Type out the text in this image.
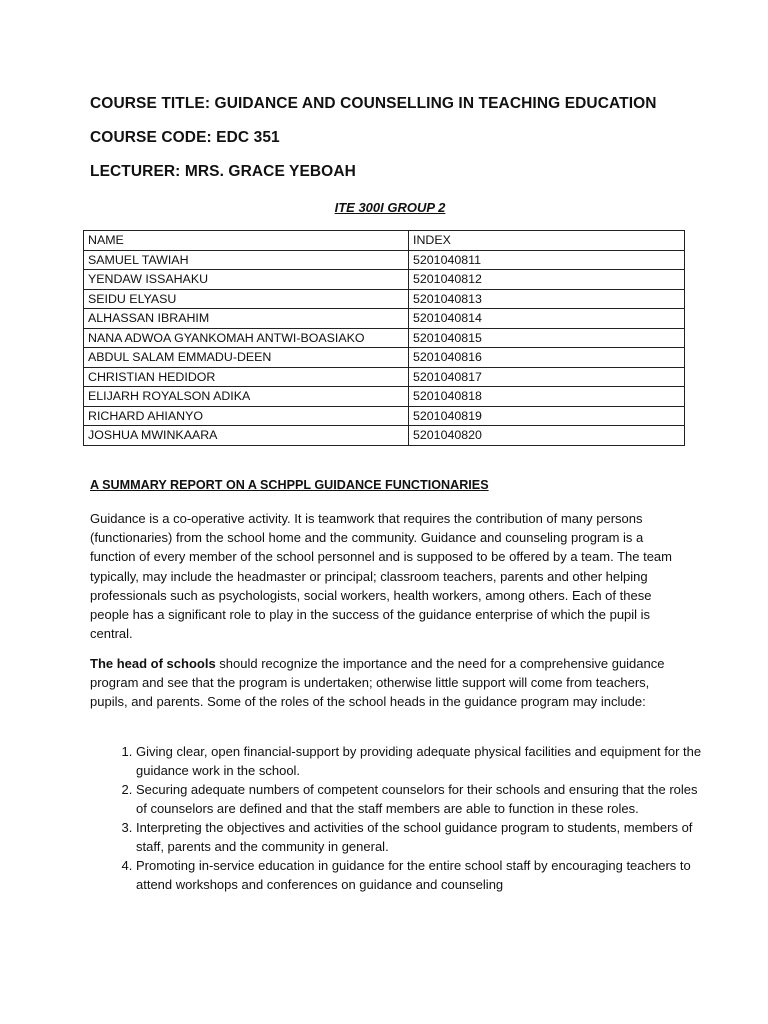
COURSE TITLE: GUIDANCE AND COUNSELLING IN TEACHING EDUCATION
COURSE CODE: EDC 351
LECTURER: MRS. GRACE YEBOAH
ITE 300I GROUP 2
NAME	INDEX
SAMUEL TAWIAH	5201040811
YENDAW ISSAHAKU	5201040812
SEIDU ELYASU	5201040813
ALHASSAN IBRAHIM	5201040814
NANA ADWOA GYANKOMAH ANTWI-BOASIAKO	5201040815
ABDUL SALAM EMMADU-DEEN	5201040816
CHRISTIAN HEDIDOR	5201040817
ELIJARH ROYALSON ADIKA	5201040818
RICHARD AHIANYO	5201040819
JOSHUA MWINKAARA	5201040820
A SUMMARY REPORT ON A SCHPPL GUIDANCE FUNCTIONARIES

Guidance is a co-operative activity. It is teamwork that requires the contribution of many persons (functionaries) from the school home and the community. Guidance and counseling program is a function of every member of the school personnel and is supposed to be offered by a team. The team typically, may include the headmaster or principal; classroom teachers, parents and other helping professionals such as psychologists, social workers, health workers, among others. Each of these people has a significant role to play in the success of the guidance enterprise of which the pupil is central.

The head of schools should recognize the importance and the need for a comprehensive guidance program and see that the program is undertaken; otherwise little support will come from teachers, pupils, and parents. Some of the roles of the school heads in the guidance program may include:

1. Giving clear, open financial-support by providing adequate physical facilities and equipment for the guidance work in the school.
2. Securing adequate numbers of competent counselors for their schools and ensuring that the roles of counselors are defined and that the staff members are able to function in these roles.
3. Interpreting the objectives and activities of the school guidance program to students, members of staff, parents and the community in general.
4. Promoting in-service education in guidance for the entire school staff by encouraging teachers to attend workshops and conferences on guidance and counseling
